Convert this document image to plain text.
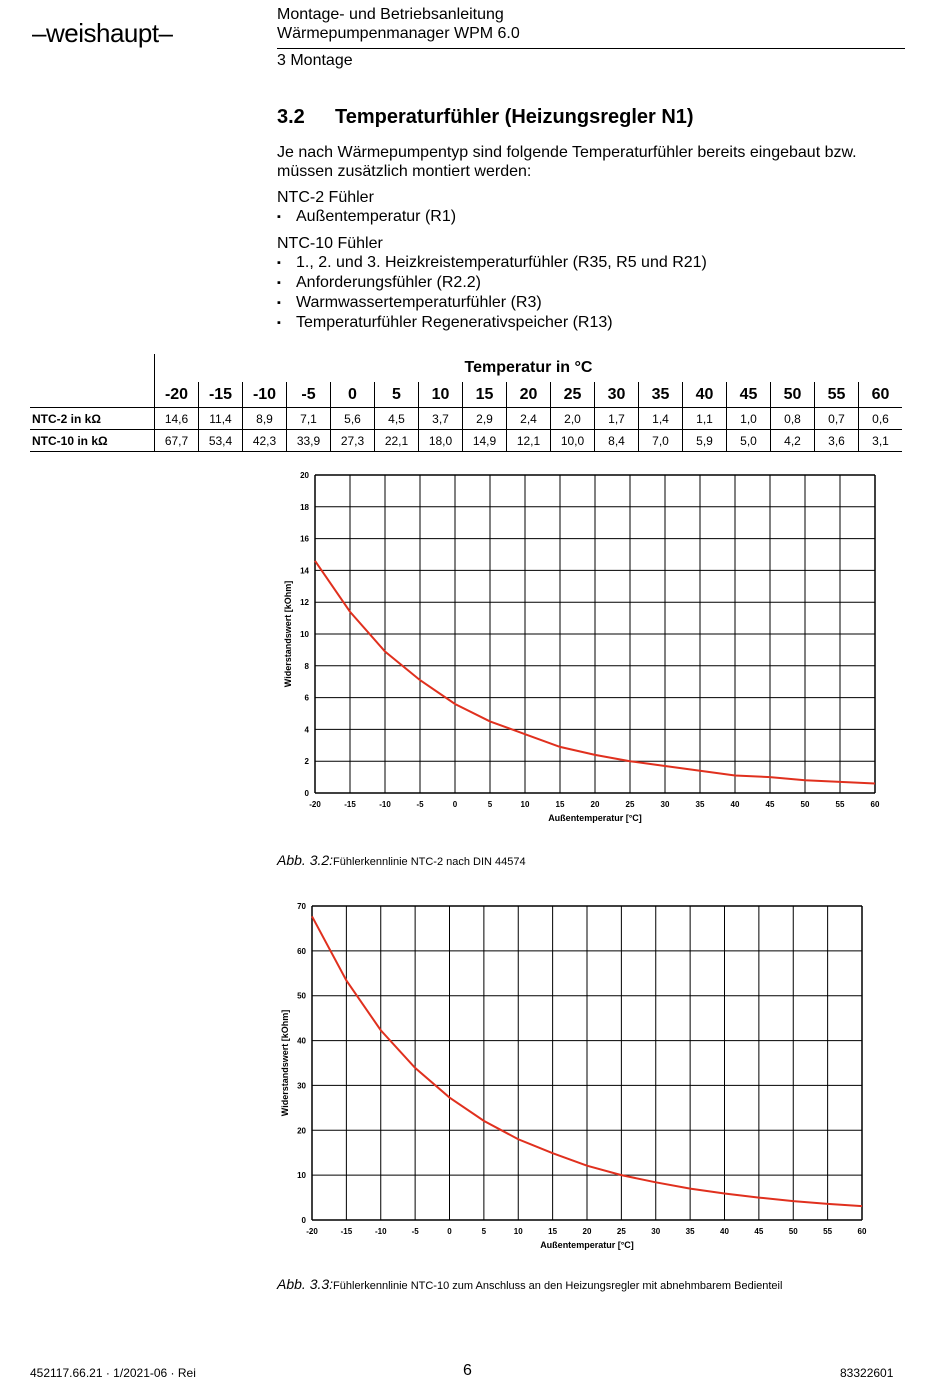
–weishaupt–
Montage- und Betriebsanleitung
Wärmepumpenmanager WPM 6.0
3 Montage
3.2 Temperaturfühler (Heizungsregler N1)
Je nach Wärmepumpentyp sind folgende Temperaturfühler bereits eingebaut bzw. müssen zusätzlich montiert werden:
NTC-2 Fühler
▪ Außentemperatur (R1)
NTC-10 Fühler
▪ 1., 2. und 3. Heizkreistemperaturfühler (R35, R5 und R21)
▪ Anforderungsfühler (R2.2)
▪ Warmwassertemperaturfühler (R3)
▪ Temperaturfühler Regenerativspeicher (R13)
	Temperatur in °C																
	-20	-15	-10	-5	0	5	10	15	20	25	30	35	40	45	50	55	60
NTC-2 in kΩ	14,6	11,4	8,9	7,1	5,6	4,5	3,7	2,9	2,4	2,0	1,7	1,4	1,1	1,0	0,8	0,7	0,6
NTC-10 in kΩ	67,7	53,4	42,3	33,9	27,3	22,1	18,0	14,9	12,1	10,0	8,4	7,0	5,9	5,0	4,2	3,6	3,1
-20	-15	-10	-5	0	5	10	15	20	25	30	35	40	45	50	55	60
0
2
4
6
8
10
12
14
16
18
20
Außentemperatur [°C]
Widerstandswert [kOhm]
Abb. 3.2:Fühlerkennlinie NTC-2 nach DIN 44574
-20	-15	-10	-5	0	5	10	15	20	25	30	35	40	45	50	55	60
0
10
20
30
40
50
60
70
Außentemperatur [°C]
Widerstandswert [kOhm]
Abb. 3.3:Fühlerkennlinie NTC-10 zum Anschluss an den Heizungsregler mit abnehmbarem Bedienteil
452117.66.21 · 1/2021-06 · Rei	6	83322601
